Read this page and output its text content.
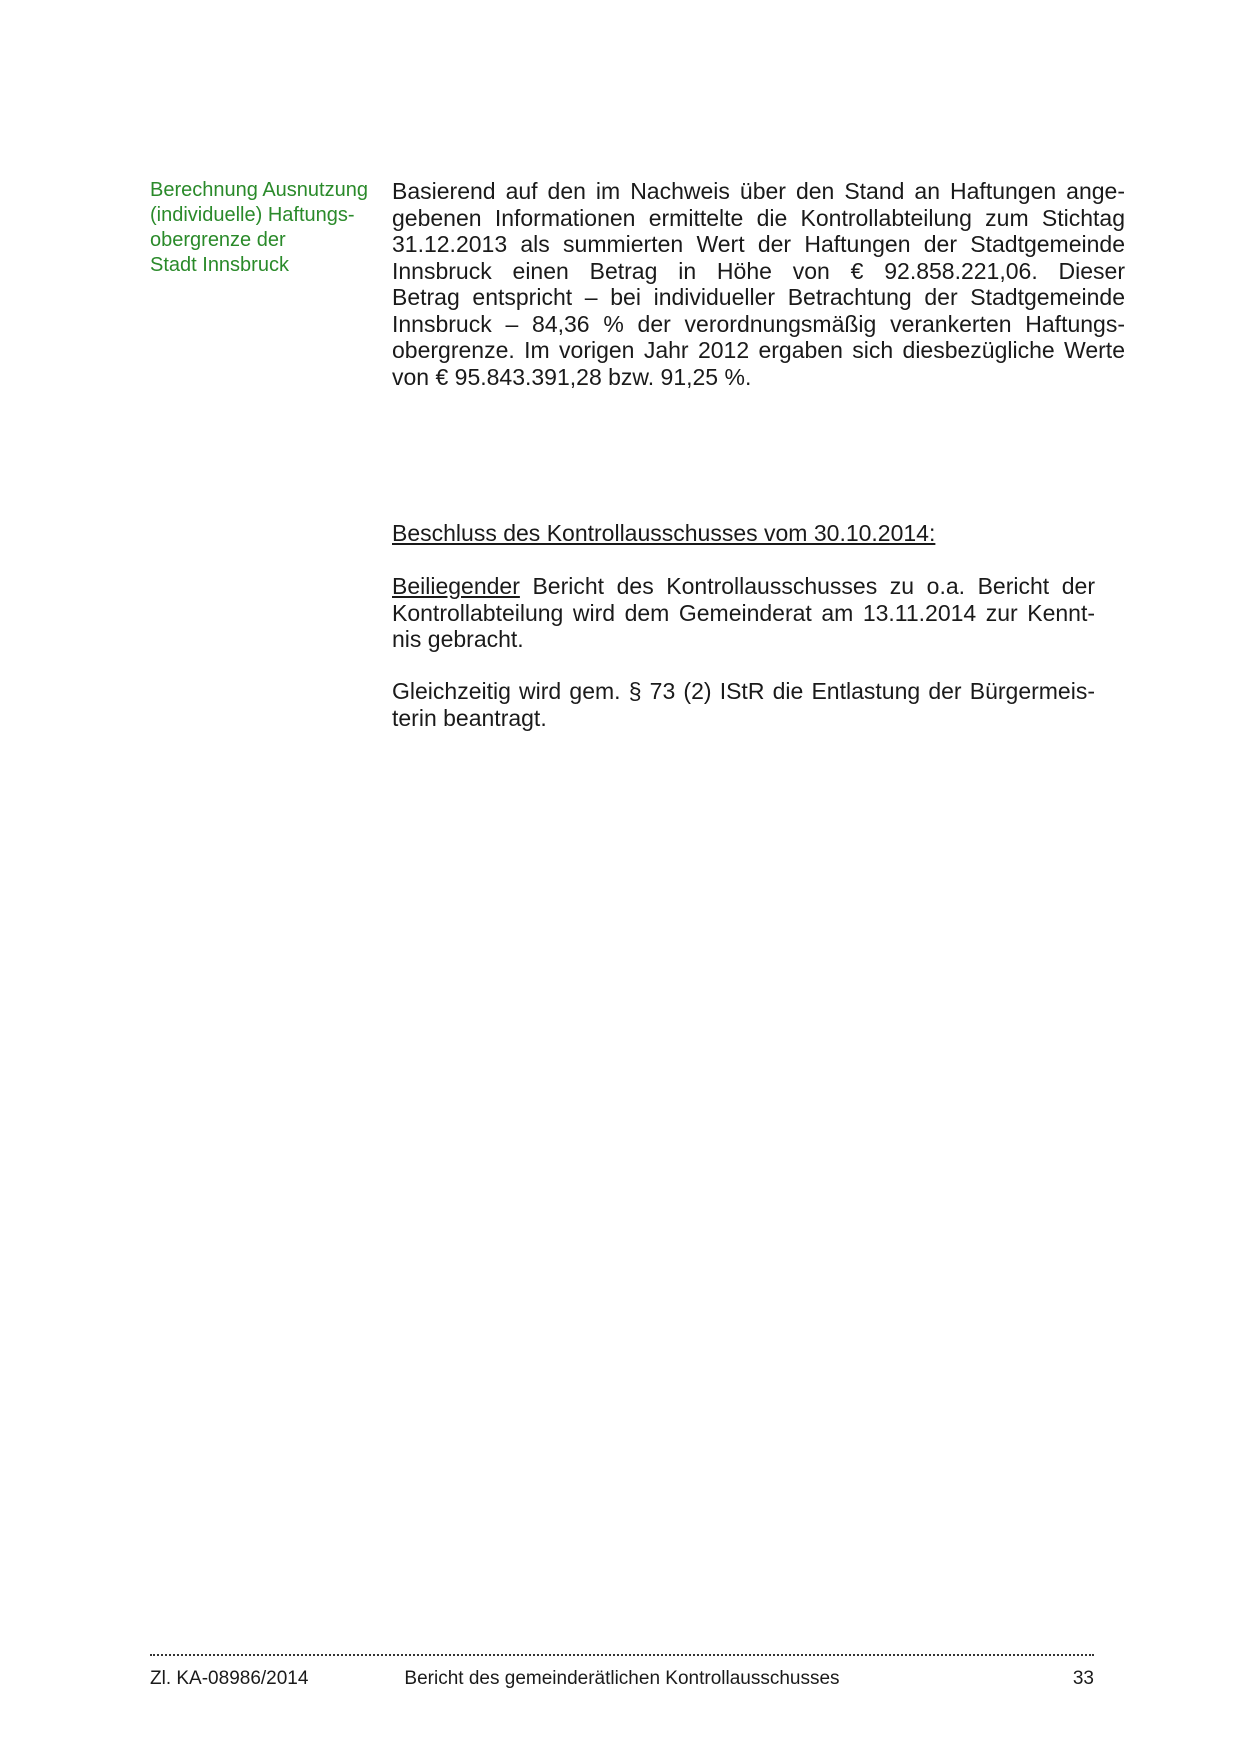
Berechnung Ausnutzung
(individuelle) Haftungs-
obergrenze der
Stadt Innsbruck
Basierend auf den im Nachweis über den Stand an Haftungen ange-
gebenen Informationen ermittelte die Kontrollabteilung zum Stichtag
31.12.2013 als summierten Wert der Haftungen der Stadtgemeinde
Innsbruck einen Betrag in Höhe von € 92.858.221,06. Dieser
Betrag entspricht – bei individueller Betrachtung der Stadtgemeinde
Innsbruck – 84,36 % der verordnungsmäßig verankerten Haftungs-
obergrenze. Im vorigen Jahr 2012 ergaben sich diesbezügliche Werte
von € 95.843.391,28 bzw. 91,25 %.
Beschluss des Kontrollausschusses vom 30.10.2014:
Beiliegender Bericht des Kontrollausschusses zu o.a. Bericht der
Kontrollabteilung wird dem Gemeinderat am 13.11.2014 zur Kennt-
nis gebracht.
Gleichzeitig wird gem. § 73 (2) IStR die Entlastung der Bürgermeis-
terin beantragt.
Zl. KA-08986/2014	Bericht des gemeinderätlichen Kontrollausschusses	33
